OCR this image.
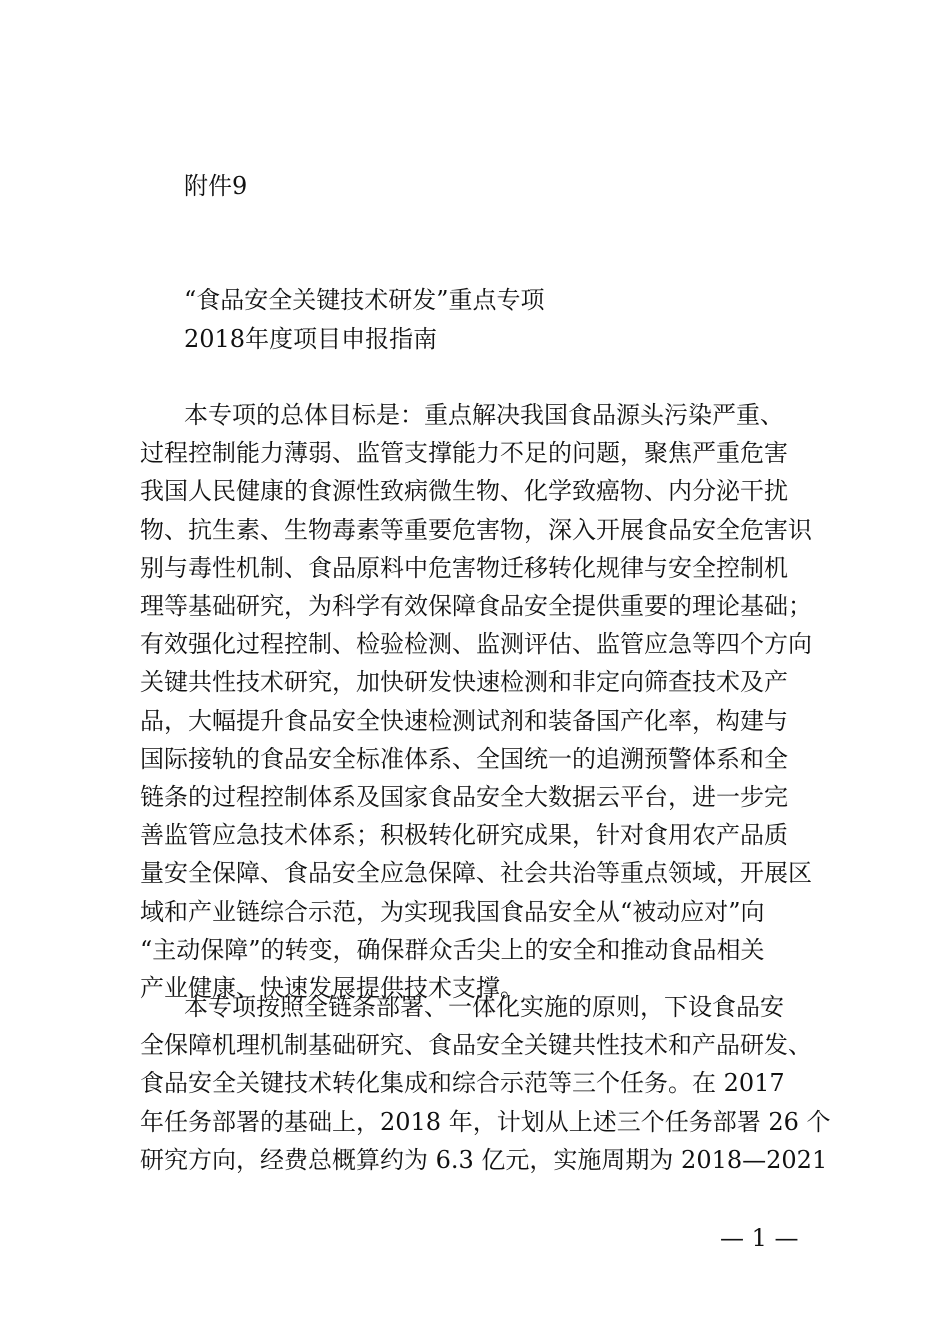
附件9

“食品安全关键技术研发”重点专项

2018年度项目申报指南

本专项的总体目标是：重点解决我国食品源头污染严重、
过程控制能力薄弱、监管支撑能力不足的问题，聚焦严重危害
我国人民健康的食源性致病微生物、化学致癌物、内分泌干扰
物、抗生素、生物毒素等重要危害物，深入开展食品安全危害识
别与毒性机制、食品原料中危害物迁移转化规律与安全控制机
理等基础研究，为科学有效保障食品安全提供重要的理论基础；
有效强化过程控制、检验检测、监测评估、监管应急等四个方向
关键共性技术研究，加快研发快速检测和非定向筛查技术及产
品，大幅提升食品安全快速检测试剂和装备国产化率，构建与
国际接轨的食品安全标准体系、全国统一的追溯预警体系和全
链条的过程控制体系及国家食品安全大数据云平台，进一步完
善监管应急技术体系；积极转化研究成果，针对食用农产品质
量安全保障、食品安全应急保障、社会共治等重点领域，开展区
域和产业链综合示范，为实现我国食品安全从“被动应对”向
“主动保障”的转变，确保群众舌尖上的安全和推动食品相关
产业健康、快速发展提供技术支撑。
本专项按照全链条部署、一体化实施的原则，下设食品安
全保障机理机制基础研究、食品安全关键共性技术和产品研发、
食品安全关键技术转化集成和综合示范等三个任务。在 2017
年任务部署的基础上，2018 年，计划从上述三个任务部署 26 个
研究方向，经费总概算约为 6.3 亿元，实施周期为 2018—2021

— 1 —
